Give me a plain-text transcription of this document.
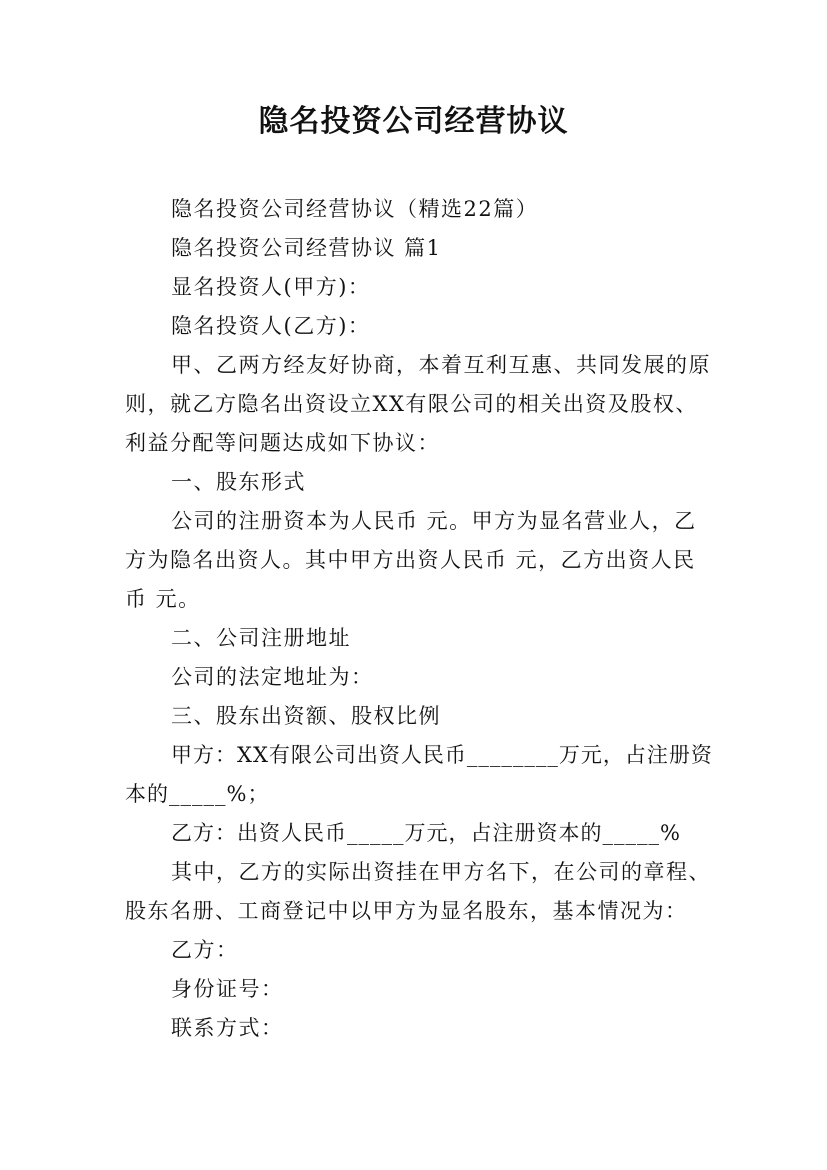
隐名投资公司经营协议

隐名投资公司经营协议（精选22篇）

隐名投资公司经营协议 篇1

显名投资人(甲方)：

隐名投资人(乙方)：

甲、乙两方经友好协商，本着互利互惠、共同发展的原则，就乙方隐名出资设立XX有限公司的相关出资及股权、利益分配等问题达成如下协议：

一、股东形式

公司的注册资本为人民币 元。甲方为显名营业人，乙方为隐名出资人。其中甲方出资人民币 元，乙方出资人民币 元。

二、公司注册地址

公司的法定地址为：

三、股东出资额、股权比例

甲方：XX有限公司出资人民币________万元，占注册资本的_____%；

乙方：出资人民币_____万元，占注册资本的_____%

其中，乙方的实际出资挂在甲方名下，在公司的章程、股东名册、工商登记中以甲方为显名股东，基本情况为：

乙方：

身份证号：

联系方式：
